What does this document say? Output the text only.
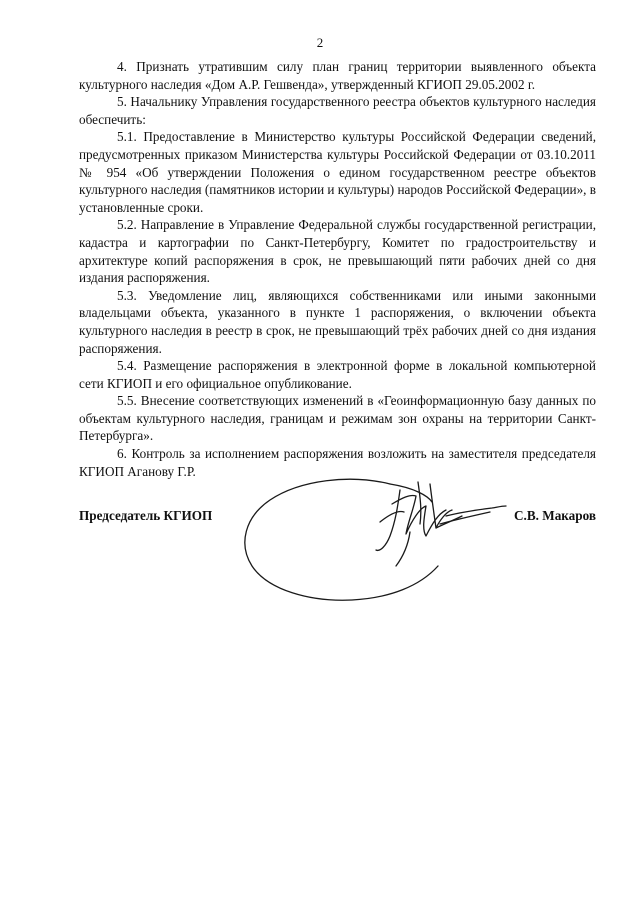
2

4. Признать утратившим силу план границ территории выявленного объекта культурного наследия «Дом А.Р. Гешвенда», утвержденный КГИОП 29.05.2002 г.

5. Начальнику Управления государственного реестра объектов культурного наследия обеспечить:

5.1. Предоставление в Министерство культуры Российской Федерации сведений, предусмотренных приказом Министерства культуры Российской Федерации от 03.10.2011 № 954 «Об утверждении Положения о едином государственном реестре объектов культурного наследия (памятников истории и культуры) народов Российской Федерации», в установленные сроки.

5.2. Направление в Управление Федеральной службы государственной регистрации, кадастра и картографии по Санкт-Петербургу, Комитет по градостроительству и архитектуре копий распоряжения в срок, не превышающий пяти рабочих дней со дня издания распоряжения.

5.3. Уведомление лиц, являющихся собственниками или иными законными владельцами объекта, указанного в пункте 1 распоряжения, о включении объекта культурного наследия в реестр в срок, не превышающий трёх рабочих дней со дня издания распоряжения.

5.4. Размещение распоряжения в электронной форме в локальной компьютерной сети КГИОП и его официальное опубликование.

5.5. Внесение соответствующих изменений в «Геоинформационную базу данных по объектам культурного наследия, границам и режимам зон охраны на территории Санкт-Петербурга».

6. Контроль за исполнением распоряжения возложить на заместителя председателя КГИОП Аганову Г.Р.

Председатель КГИОП	С.В. Макаров
